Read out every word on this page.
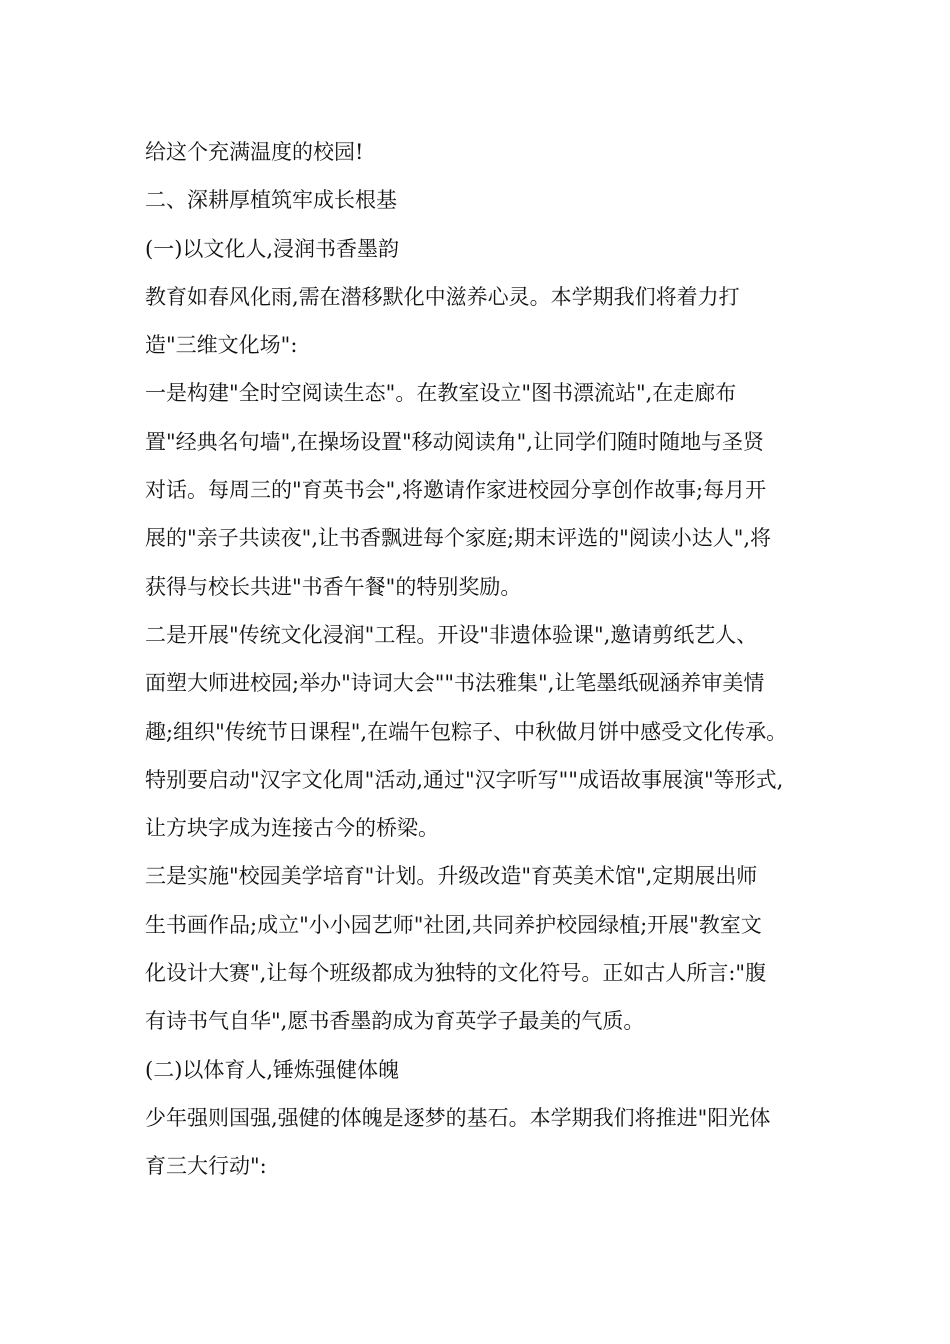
给这个充满温度的校园!
二、深耕厚植筑牢成长根基
(一)以文化人,浸润书香墨韵
教育如春风化雨,需在潜移默化中滋养心灵。本学期我们将着力打
造"三维文化场":
一是构建"全时空阅读生态"。在教室设立"图书漂流站",在走廊布
置"经典名句墙",在操场设置"移动阅读角",让同学们随时随地与圣贤
对话。每周三的"育英书会",将邀请作家进校园分享创作故事;每月开
展的"亲子共读夜",让书香飘进每个家庭;期末评选的"阅读小达人",将
获得与校长共进"书香午餐"的特别奖励。
二是开展"传统文化浸润"工程。开设"非遗体验课",邀请剪纸艺人、
面塑大师进校园;举办"诗词大会""书法雅集",让笔墨纸砚涵养审美情
趣;组织"传统节日课程",在端午包粽子、中秋做月饼中感受文化传承。
特别要启动"汉字文化周"活动,通过"汉字听写""成语故事展演"等形式,
让方块字成为连接古今的桥梁。
三是实施"校园美学培育"计划。升级改造"育英美术馆",定期展出师
生书画作品;成立"小小园艺师"社团,共同养护校园绿植;开展"教室文
化设计大赛",让每个班级都成为独特的文化符号。正如古人所言:"腹
有诗书气自华",愿书香墨韵成为育英学子最美的气质。
(二)以体育人,锤炼强健体魄
少年强则国强,强健的体魄是逐梦的基石。本学期我们将推进"阳光体
育三大行动":
